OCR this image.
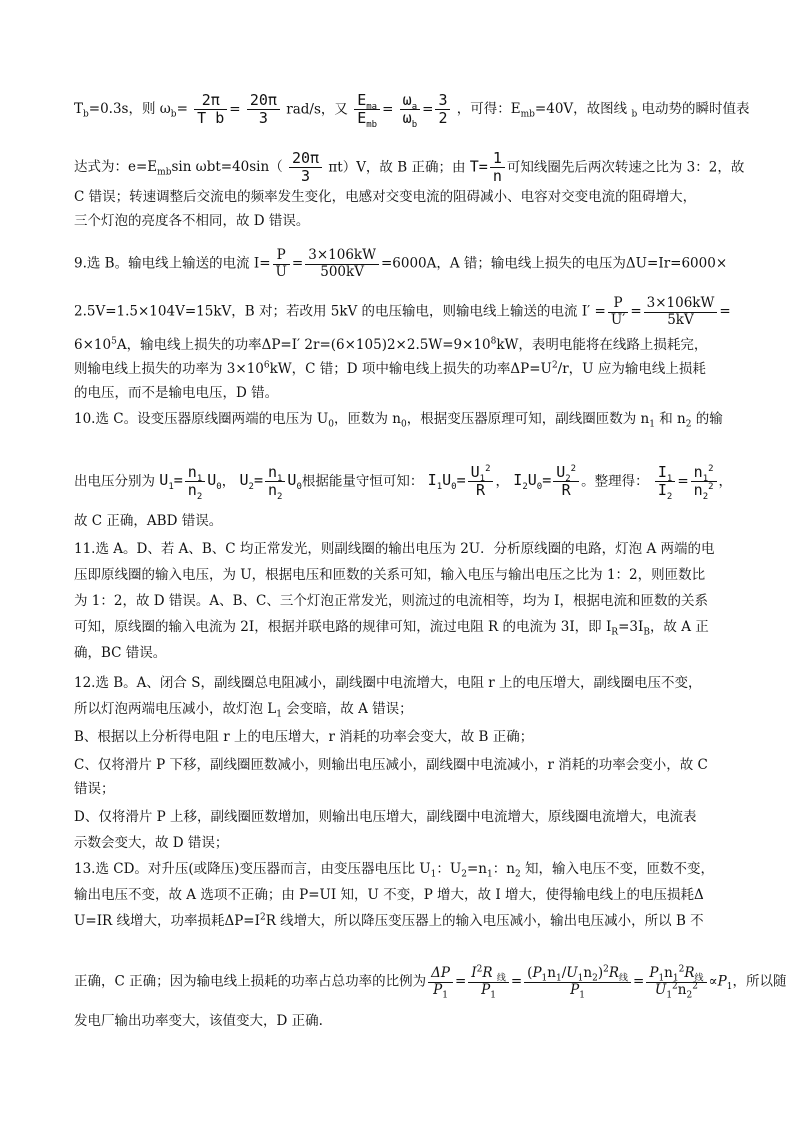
$T_b=0.3s$，则 $\omega_b= \frac{2\pi}{\text{T b}} = \frac{20\pi}{3} rad/s$，又 $\frac{E_{ma}}{E_{mb}} = \frac{\omega_a}{\omega_b} = \frac{3}{2}$ ，可得：$E_{mb}=40V$，故图线 $_b$ 电动势的瞬时值表
达式为：$e=E_{mb}\sin$ $\omega bt=40\sin( \frac{20\pi}{3} \pi t)V$，故 B 正确；由 $T= \frac{1}{n}$ 可知线圈先后两次转速之比为 3：2，故
C 错误；转速调整后交流电的频率发生变化，电感对交变电流的阻碍减小、电容对交变电流的阻碍增大，
三个灯泡的亮度各不相同，故 D 错误。
9.选 B。输电线上输送的电流 $I= \frac{P}{U} = \frac{3\times 106kW}{500kV} =6000A$，A 错；输电线上损失的电压为ΔU=Ir=6000×
2.5V=1.5×104V=15kV，B 对；若改用 5kV 的电压输电，则输电线上输送的电流 $I' = \frac{P}{U'} = \frac{3\times 106kW}{5kV}$ =
$6\times 10^5A$，输电线上损失的功率ΔP=I′ $2r=(6\times 105)2\times 2.5W=9\times 10^8kW$，表明电能将在线路上损耗完，
则输电线上损失的功率为 $3\times 10^6kW$，C 错；D 项中输电线上损失的功率$\Delta P=U^2/r$，U 应为输电线上损耗
的电压，而不是输电电压，D 错。
10.选 C。设变压器原线圈两端的电压为 $U_0$，匝数为 $n_0$，根据变压器原理可知，副线圈匝数为 $n_1$ 和 $n_2$ 的输
出电压分别为 $U_1= \frac{n_1}{n_2} U_0$， $U_2= \frac{n_1}{n_2} U_0$根据能量守恒可知： $I_1U_0= \frac{U_1^2}{R}$ ， $I_2U_0= \frac{U_2^2}{R}$ 。整理得： $\frac{I_1}{I_2} = \frac{n_1^2}{n_2^2}$ ，
故 C 正确，ABD 错误。
11.选 A。D、若 A、B、C 均正常发光，则副线圈的输出电压为 2U．分析原线圈的电路，灯泡 A 两端的电
压即原线圈的输入电压，为 U，根据电压和匝数的关系可知，输入电压与输出电压之比为 1：2，则匝数比
为 1：2，故 D 错误。A、B、C、三个灯泡正常发光，则流过的电流相等，均为 I，根据电流和匝数的关系
可知，原线圈的输入电流为 2I，根据并联电路的规律可知，流过电阻 R 的电流为 3I，即 $I_R=3I_B$，故 A 正
确，BC 错误。
12.选 B。A、闭合 S，副线圈总电阻减小，副线圈中电流增大，电阻 r 上的电压增大，副线圈电压不变，
所以灯泡两端电压减小，故灯泡 $L_1$ 会变暗，故 A 错误；
B、根据以上分析得电阻 r 上的电压增大，r 消耗的功率会变大，故 B 正确；
C、仅将滑片 P 下移，副线圈匝数减小，则输出电压减小，副线圈中电流减小，r 消耗的功率会变小，故 C
错误；
D、仅将滑片 P 上移，副线圈匝数增加，则输出电压增大，副线圈中电流增大，原线圈电流增大，电流表
示数会变大，故 D 错误；
13.选 CD。对升压(或降压)变压器而言，由变压器电压比 $U_1$：$U_2=n_1$：$n_2$ 知，输入电压不变，匝数不变，
输出电压不变，故 A 选项不正确；由 P=UI 知，U 不变，P 增大，故 I 增大，使得输电线上的电压损耗Δ
U=IR 线增大，功率损耗$\Delta P=I^2R$ 线增大，所以降压变压器上的输入电压减小，输出电压减小，所以 B 不
正确，C 正确；因为输电线上损耗的功率占总功率的比例为 $\frac{\Delta P}{P_1} = \frac{I^2R _线}{P_1} = \frac{(P_1n_1/U_1n_2)^2R_线}{P_1} = \frac{P_1n_1^2R_线}{U_1^2n_2^2} \propto P_1$，所以随
发电厂输出功率变大，该值变大，D 正确.
